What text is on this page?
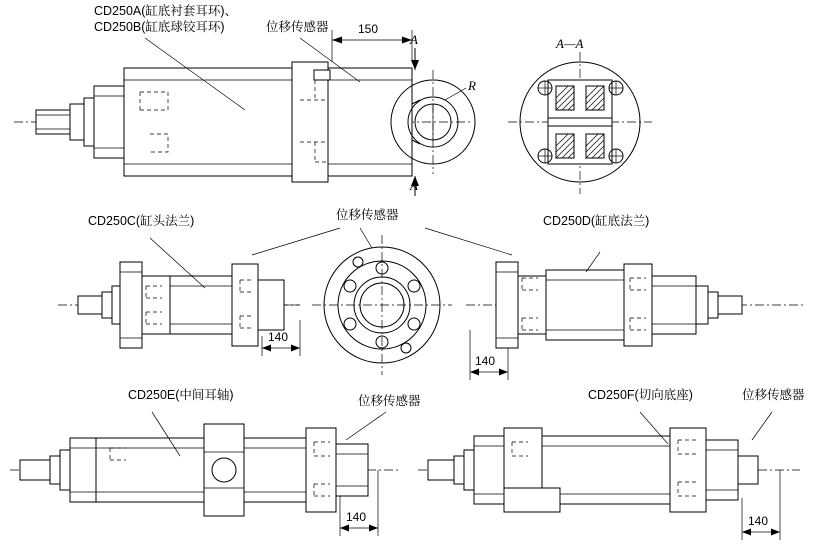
CD250A(缸底衬套耳环)、
CD250B(缸底球铰耳环)	位移传感器
CD250C(缸头法兰)	位移传感器	CD250D(缸底法兰)
CD250E(中间耳轴)	位移传感器	CD250F(切向底座)	位移传感器
150
140
140
140	140
A
A
A—A
R
